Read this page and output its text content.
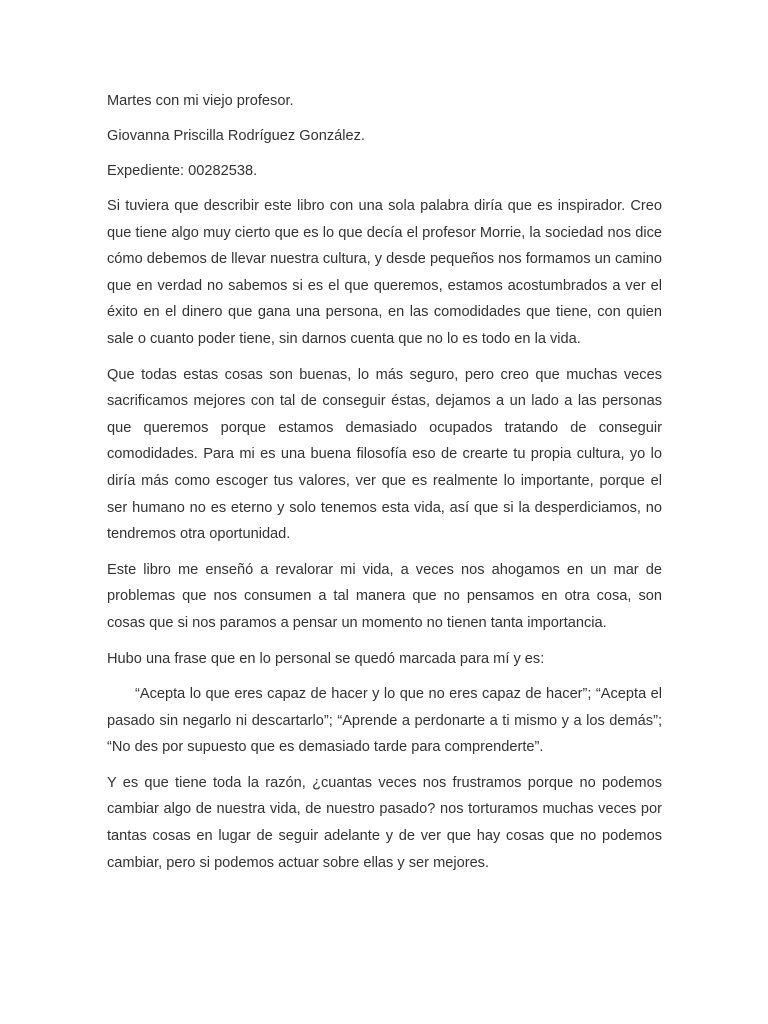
Martes con mi viejo profesor.
Giovanna Priscilla Rodríguez González.
Expediente: 00282538.

Si tuviera que describir este libro con una sola palabra diría que es inspirador. Creo que tiene algo muy cierto que es lo que decía el profesor Morrie, la sociedad nos dice cómo debemos de llevar nuestra cultura, y desde pequeños nos formamos un camino que en verdad no sabemos si es el que queremos, estamos acostumbrados a ver el éxito en el dinero que gana una persona, en las comodidades que tiene, con quien sale o cuanto poder tiene, sin darnos cuenta que no lo es todo en la vida.

Que todas estas cosas son buenas, lo más seguro, pero creo que muchas veces sacrificamos mejores con tal de conseguir éstas, dejamos a un lado a las personas que queremos porque estamos demasiado ocupados tratando de conseguir comodidades. Para mi es una buena filosofía eso de crearte tu propia cultura, yo lo diría más como escoger tus valores, ver que es realmente lo importante, porque el ser humano no es eterno y solo tenemos esta vida, así que si la desperdiciamos, no tendremos otra oportunidad.

Este libro me enseñó a revalorar mi vida, a veces nos ahogamos en un mar de problemas que nos consumen a tal manera que no pensamos en otra cosa, son cosas que si nos paramos a pensar un momento no tienen tanta importancia.

Hubo una frase que en lo personal se quedó marcada para mí y es:

“Acepta lo que eres capaz de hacer y lo que no eres capaz de hacer”; “Acepta el pasado sin negarlo ni descartarlo”; “Aprende a perdonarte a ti mismo y a los demás”; “No des por supuesto que es demasiado tarde para comprenderte”.

Y es que tiene toda la razón, ¿cuantas veces nos frustramos porque no podemos cambiar algo de nuestra vida, de nuestro pasado? nos torturamos muchas veces por tantas cosas en lugar de seguir adelante y de ver que hay cosas que no podemos cambiar, pero si podemos actuar sobre ellas y ser mejores.
